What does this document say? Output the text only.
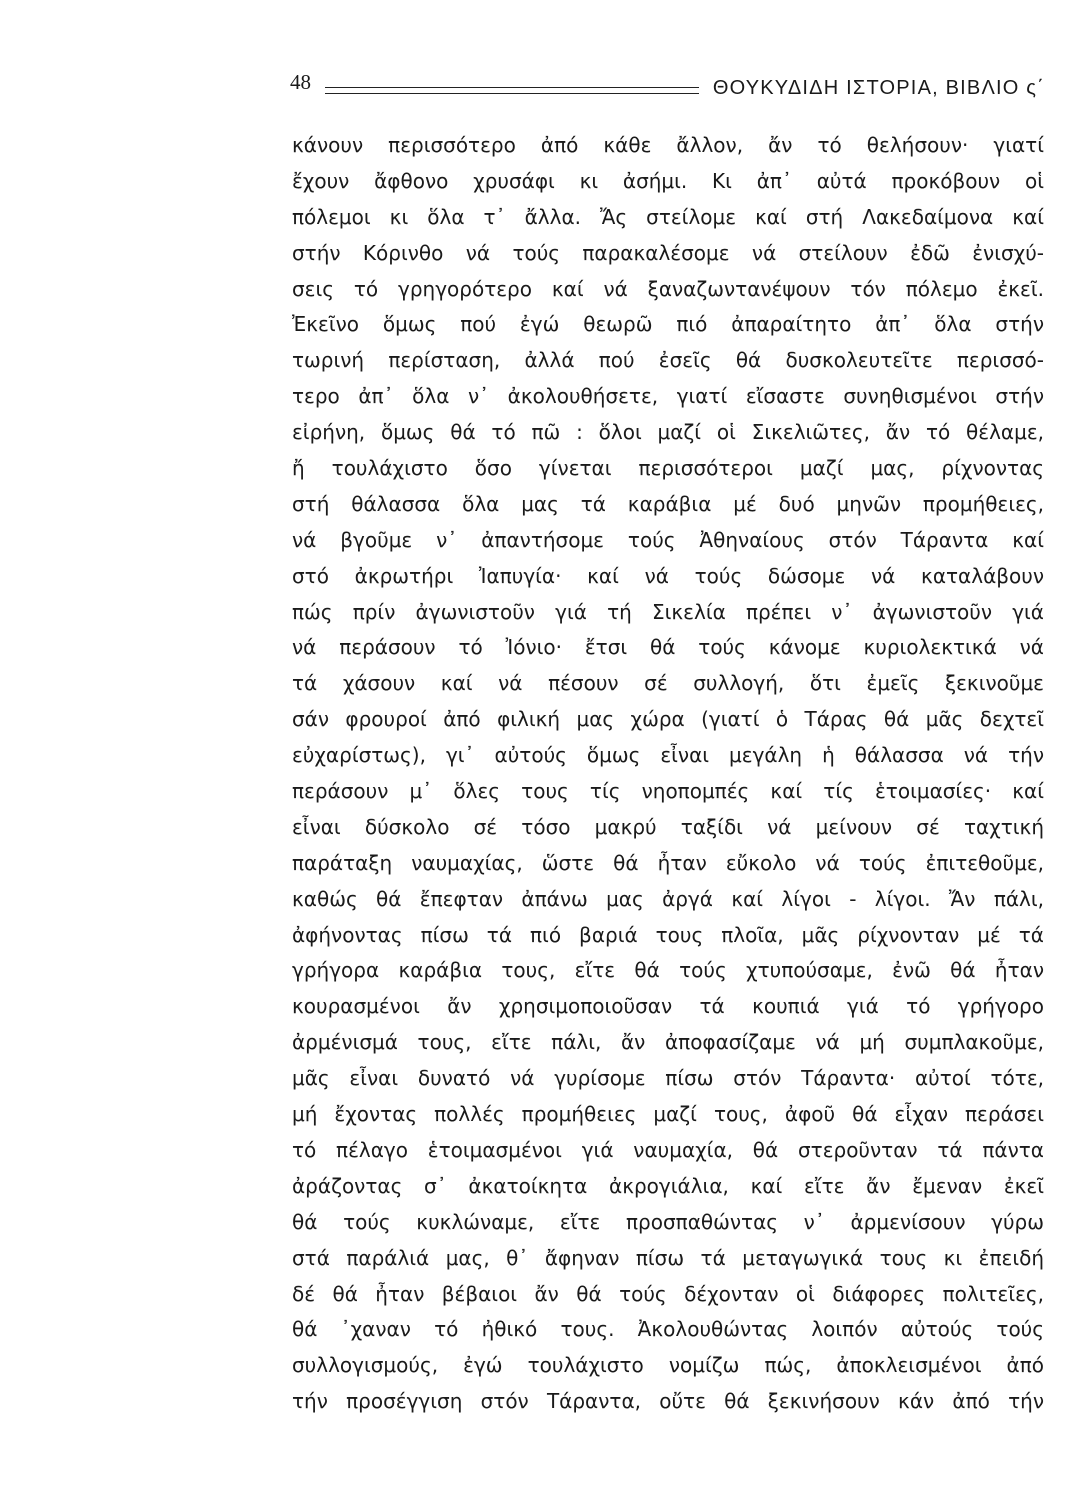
48	ΘΟΥΚΥΔΙΔΗ ΙΣΤΟΡΙΑ, ΒΙΒΛΙΟ ς΄
κάνουν περισσότερο ἀπό κάθε ἄλλον, ἄν τό θελήσουν· γιατί
ἔχουν ἄφθονο χρυσάφι κι ἀσήμι. Κι ἀπ᾽ αὐτά προκόβουν οἱ
πόλεμοι κι ὅλα τ᾽ ἄλλα. Ἄς στείλομε καί στή Λακεδαίμονα καί
στήν Κόρινθο νά τούς παρακαλέσομε νά στείλουν ἐδῶ ἐνισχύ-
σεις τό γρηγορότερο καί νά ξαναζωντανέψουν τόν πόλεμο ἐκεῖ.
Ἐκεῖνο ὅμως πού ἐγώ θεωρῶ πιό ἀπαραίτητο ἀπ᾽ ὅλα στήν
τωρινή περίσταση, ἀλλά πού ἐσεῖς θά δυσκολευτεῖτε περισσό-
τερο ἀπ᾽ ὅλα ν᾽ ἀκολουθήσετε, γιατί εἴσαστε συνηθισμένοι στήν
εἰρήνη, ὅμως θά τό πῶ : ὅλοι μαζί οἱ Σικελιῶτες, ἄν τό θέλαμε,
ἤ τουλάχιστο ὅσο γίνεται περισσότεροι μαζί μας, ρίχνοντας
στή θάλασσα ὅλα μας τά καράβια μέ δυό μηνῶν προμήθειες,
νά βγοῦμε ν᾽ ἀπαντήσομε τούς Ἀθηναίους στόν Τάραντα καί
στό ἀκρωτήρι Ἰαπυγία· καί νά τούς δώσομε νά καταλάβουν
πώς πρίν ἀγωνιστοῦν γιά τή Σικελία πρέπει ν᾽ ἀγωνιστοῦν γιά
νά περάσουν τό Ἰόνιο· ἔτσι θά τούς κάνομε κυριολεκτικά νά
τά χάσουν καί νά πέσουν σέ συλλογή, ὅτι ἐμεῖς ξεκινοῦμε
σάν φρουροί ἀπό φιλική μας χώρα (γιατί ὁ Τάρας θά μᾶς δεχτεῖ
εὐχαρίστως), γι᾽ αὐτούς ὅμως εἶναι μεγάλη ἡ θάλασσα νά τήν
περάσουν μ᾽ ὅλες τους τίς νηοπομπές καί τίς ἑτοιμασίες· καί
εἶναι δύσκολο σέ τόσο μακρύ ταξίδι νά μείνουν σέ ταχτική
παράταξη ναυμαχίας, ὥστε θά ἦταν εὔκολο νά τούς ἐπιτεθοῦμε,
καθώς θά ἔπεφταν ἀπάνω μας ἀργά καί λίγοι - λίγοι. Ἄν πάλι,
ἀφήνοντας πίσω τά πιό βαριά τους πλοῖα, μᾶς ρίχνονταν μέ τά
γρήγορα καράβια τους, εἴτε θά τούς χτυπούσαμε, ἐνῶ θά ἦταν
κουρασμένοι ἄν χρησιμοποιοῦσαν τά κουπιά γιά τό γρήγορο
ἀρμένισμά τους, εἴτε πάλι, ἄν ἀποφασίζαμε νά μή συμπλακοῦμε,
μᾶς εἶναι δυνατό νά γυρίσομε πίσω στόν Τάραντα· αὐτοί τότε,
μή ἔχοντας πολλές προμήθειες μαζί τους, ἀφοῦ θά εἶχαν περάσει
τό πέλαγο ἑτοιμασμένοι γιά ναυμαχία, θά στεροῦνταν τά πάντα
ἀράζοντας σ᾽ ἀκατοίκητα ἀκρογιάλια, καί εἴτε ἄν ἔμεναν ἐκεῖ
θά τούς κυκλώναμε, εἴτε προσπαθώντας ν᾽ ἀρμενίσουν γύρω
στά παράλιά μας, θ᾽ ἄφηναν πίσω τά μεταγωγικά τους κι ἐπειδή
δέ θά ἦταν βέβαιοι ἄν θά τούς δέχονταν οἱ διάφορες πολιτεῖες,
θά ᾽χαναν τό ἠθικό τους. Ἀκολουθώντας λοιπόν αὐτούς τούς
συλλογισμούς, ἐγώ τουλάχιστο νομίζω πώς, ἀποκλεισμένοι ἀπό
τήν προσέγγιση στόν Τάραντα, οὔτε θά ξεκινήσουν κάν ἀπό τήν
